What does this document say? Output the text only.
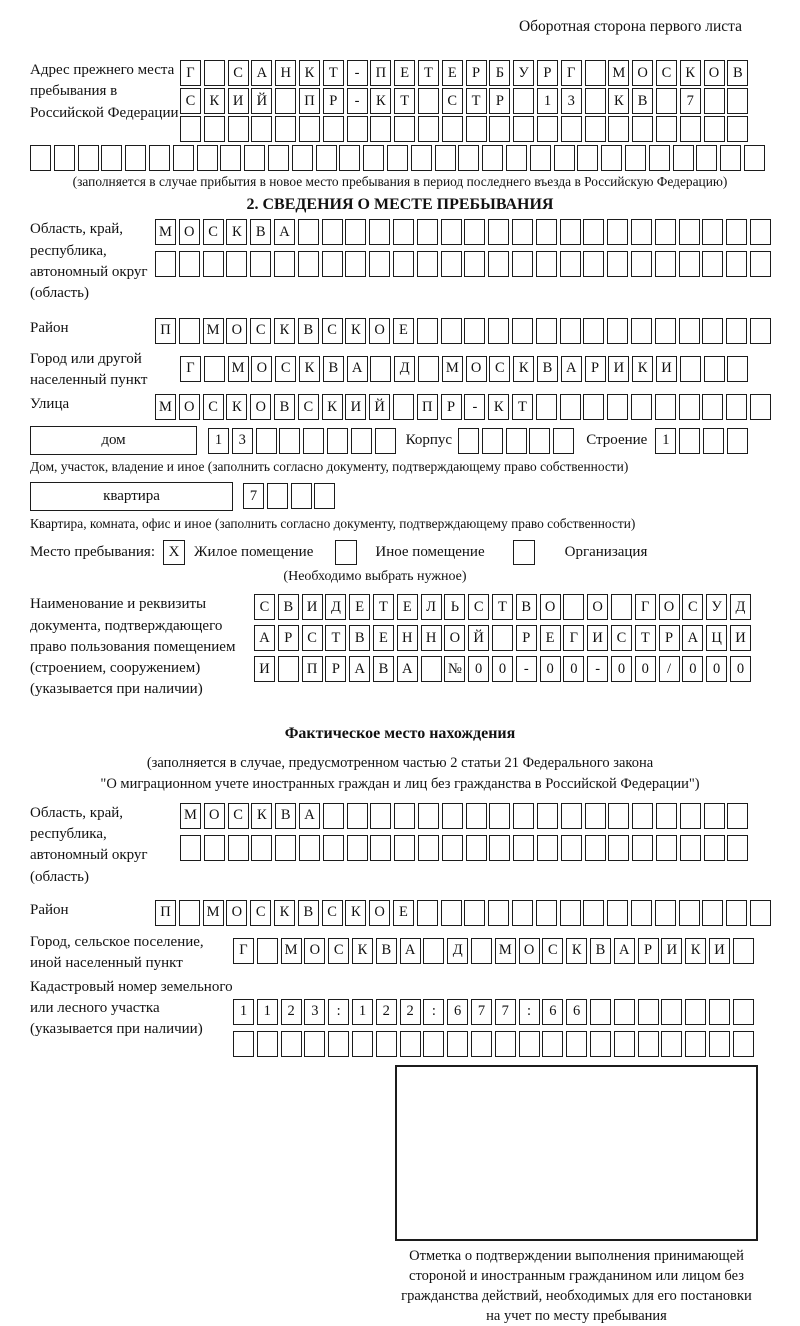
Оборотная сторона первого листа
Адрес прежнего места пребывания в Российской Федерации
Г	С А Н К	Т	-	П Е	Т	Е	Р	Б	У	Р	Г	М О С К О В
С К И Й	П	Р	-	К	Т	С	Т	Р	1	3	К В	7
(заполняется в случае прибытия в новое место пребывания в период последнего въезда в Российскую Федерацию)
2. СВЕДЕНИЯ О МЕСТЕ ПРЕБЫВАНИЯ
Область, край, республика, автономный округ (область)
М О С К В А
Район	П	М О С К В С К О Е
Город или другой населенный пункт
Г	М О С К В А	Д	М О С К В А	Р	И К И
Улица	М О С К О В С К И Й	П	Р	-	К	Т
дом	1	3	Корпус	Строение	1
Дом, участок, владение и иное (заполнить согласно документу, подтверждающему право собственности)
квартира	7
Квартира, комната, офис и иное (заполнить согласно документу, подтверждающему право собственности)
Место пребывания: X Жилое помещение	Иное помещение	Организация
(Необходимо выбрать нужное)
Наименование и реквизиты документа, подтверждающего право пользования помещением (строением, сооружением) (указывается при наличии)
С В И Д Е	Т	Е Л	Ь	С	Т	В О	О	Г О С У Д
А	Р	С	Т	В	Е Н Н О Й	Р	Е	Г И С	Т	Р	А Ц И
И	П	Р	А В А	№ 0	0	-	0	0	-	0	0	/	0	0	0
Фактическое место нахождения
(заполняется в случае, предусмотренном частью 2 статьи 21 Федерального закона
"О миграционном учете иностранных граждан и лиц без гражданства в Российской Федерации")
Область, край, республика, автономный округ (область)
М О С К В А
Район	П	М О С К В С К О Е
Город, сельское поселение, иной населенный пункт
Г	М О С К В А	Д	М О С К В А	Р	И К И
Кадастровый номер земельного или лесного участка (указывается при наличии)
1	1	2	3	:	1	2	2	:	6	7	7	:	6	6
Отметка о подтверждении выполнения принимающей
стороной и иностранным гражданином или лицом без
гражданства действий, необходимых для его постановки
на учет по месту пребывания
